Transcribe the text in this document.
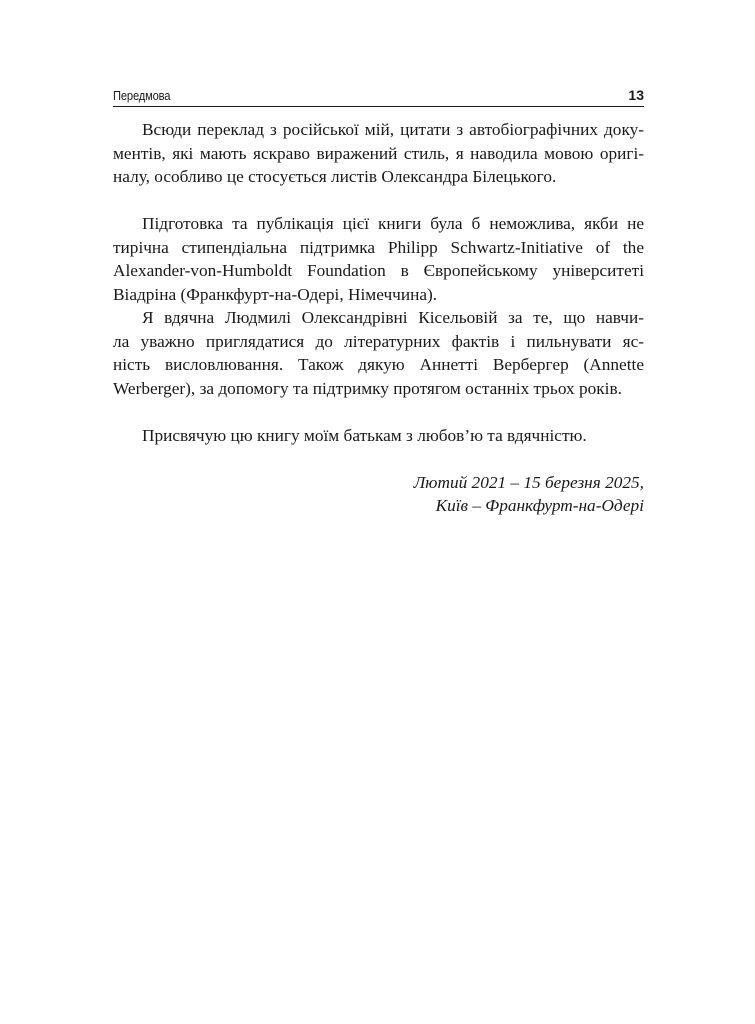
Передмова	13
Всюди переклад з російської мій, цитати з автобіографічних доку-
ментів, які мають яскраво виражений стиль, я наводила мовою оригі-
налу, особливо це стосується листів Олександра Білецького.
Підготовка та публікація цієї книги була б неможлива, якби не
тирічна стипендіальна підтримка Philipp Schwartz-Initiative of the
Alexander-von-Humboldt Foundation в Європейському університеті
Віадріна (Франкфурт-на-Одері, Німеччина).
Я вдячна Людмилі Олександрівні Кісельовій за те, що навчи-
ла уважно приглядатися до літературних фактів і пильнувати яс-
ність висловлювання. Також дякую Аннетті Вербергер (Annette
Werberger), за допомогу та підтримку протягом останніх трьох років.
Присвячую цю книгу моїм батькам з любов’ю та вдячністю.
Лютий 2021 – 15 березня 2025,
Київ – Франкфурт-на-Одері
